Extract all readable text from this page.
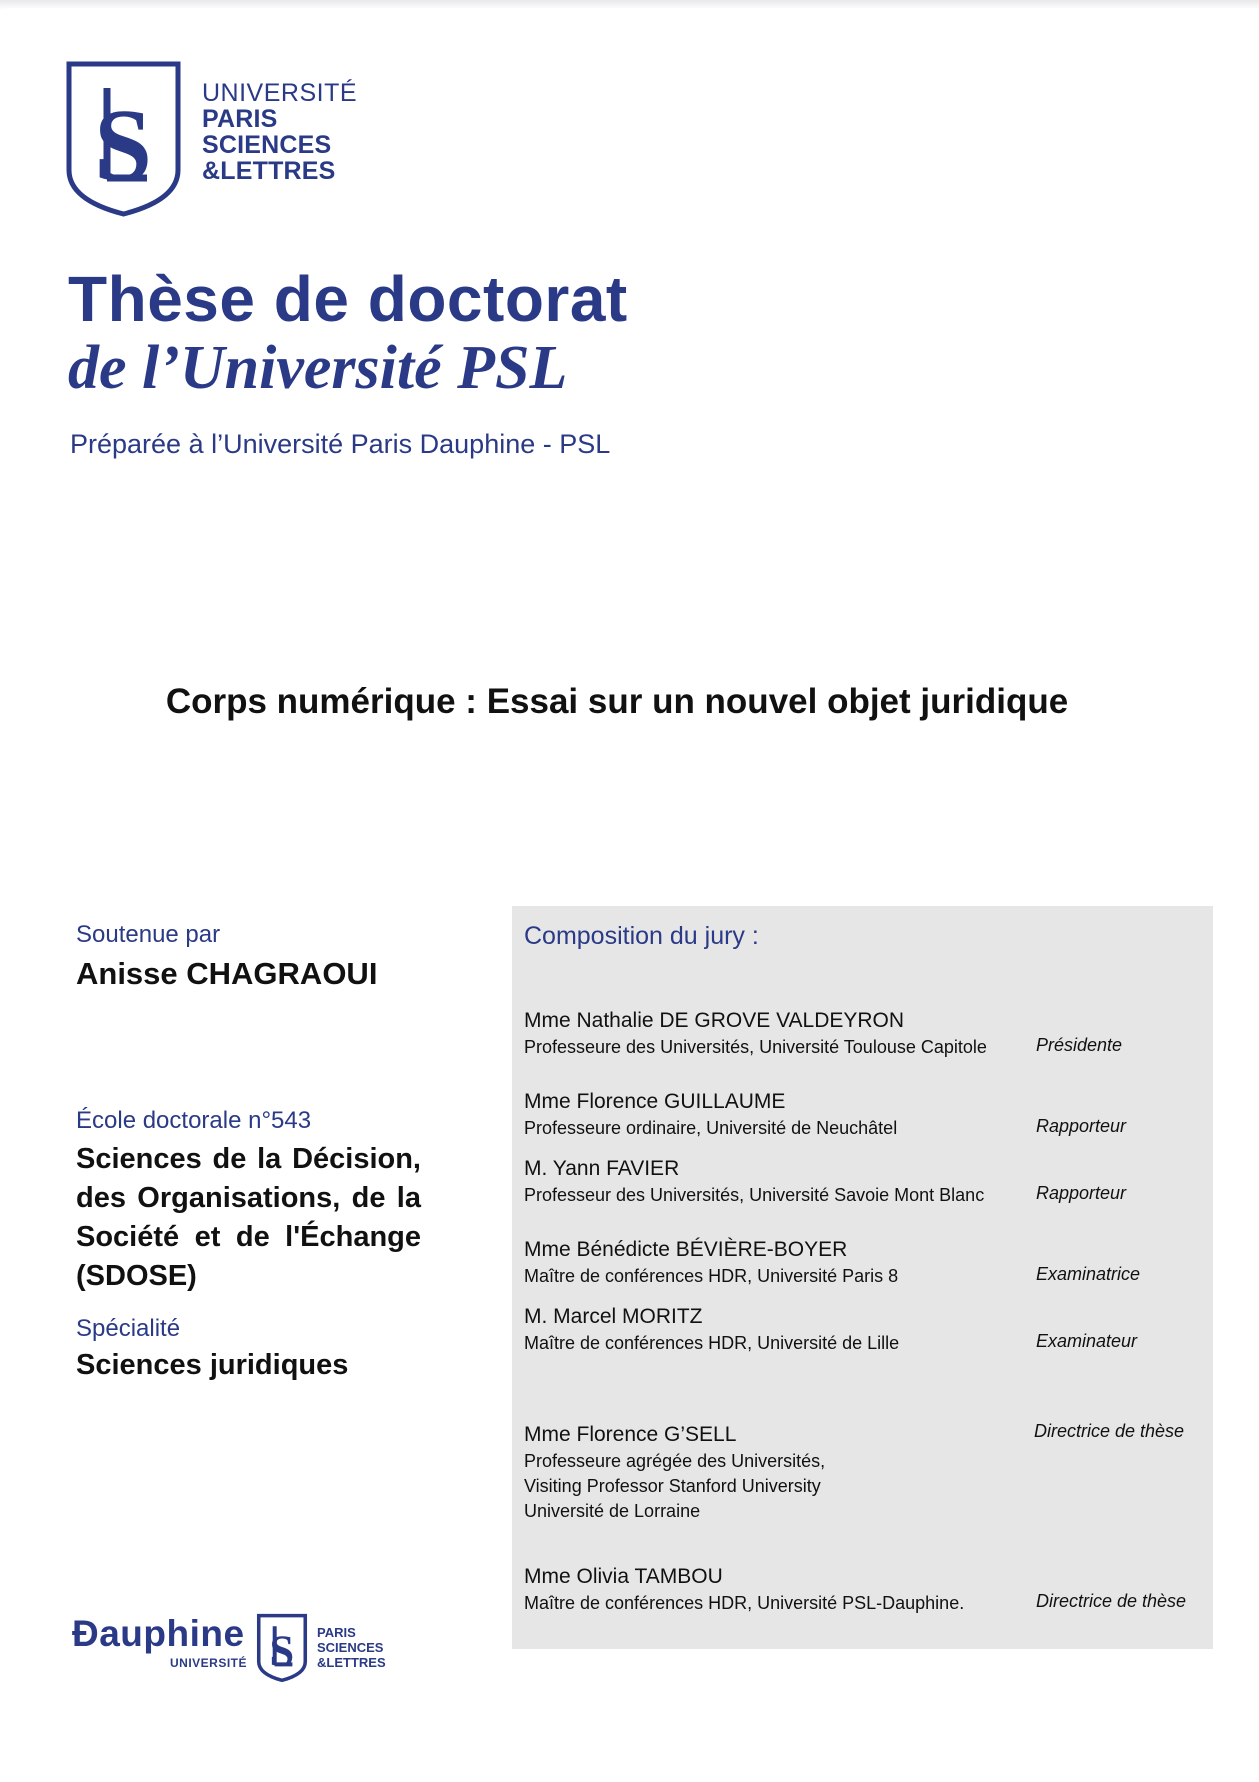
S UNIVERSITÉ
PARIS
SCIENCES
&LETTRES
Thèse de doctorat
de l’Université PSL
Préparée à l’Université Paris Dauphine - PSL
Corps numérique : Essai sur un nouvel objet juridique
Soutenue par
Anisse CHAGRAOUI
École doctorale n°543
Sciences de la Décision, des Organisations, de la Société et de l'Échange (SDOSE)
Spécialité
Sciences juridiques
Composition du jury :
Mme Nathalie DE GROVE VALDEYRON
Professeure des Universités, Université Toulouse Capitole	Présidente
Mme Florence GUILLAUME
Professeure ordinaire, Université de Neuchâtel	Rapporteur
M. Yann FAVIER
Professeur des Universités, Université Savoie Mont Blanc	Rapporteur
Mme Bénédicte BÉVIÈRE-BOYER
Maître de conférences HDR, Université Paris 8	Examinatrice
M. Marcel MORITZ
Maître de conférences HDR, Université de Lille	Examinateur
Mme Florence G’SELL
Professeure agrégée des Universités,
Visiting Professor Stanford University
Université de Lorraine
Directrice de thèse
Mme Olivia TAMBOU
Maître de conférences HDR, Université PSL-Dauphine.	Directrice de thèse
Đauphine
UNIVERSITÉ S PARIS
SCIENCES
&LETTRES
